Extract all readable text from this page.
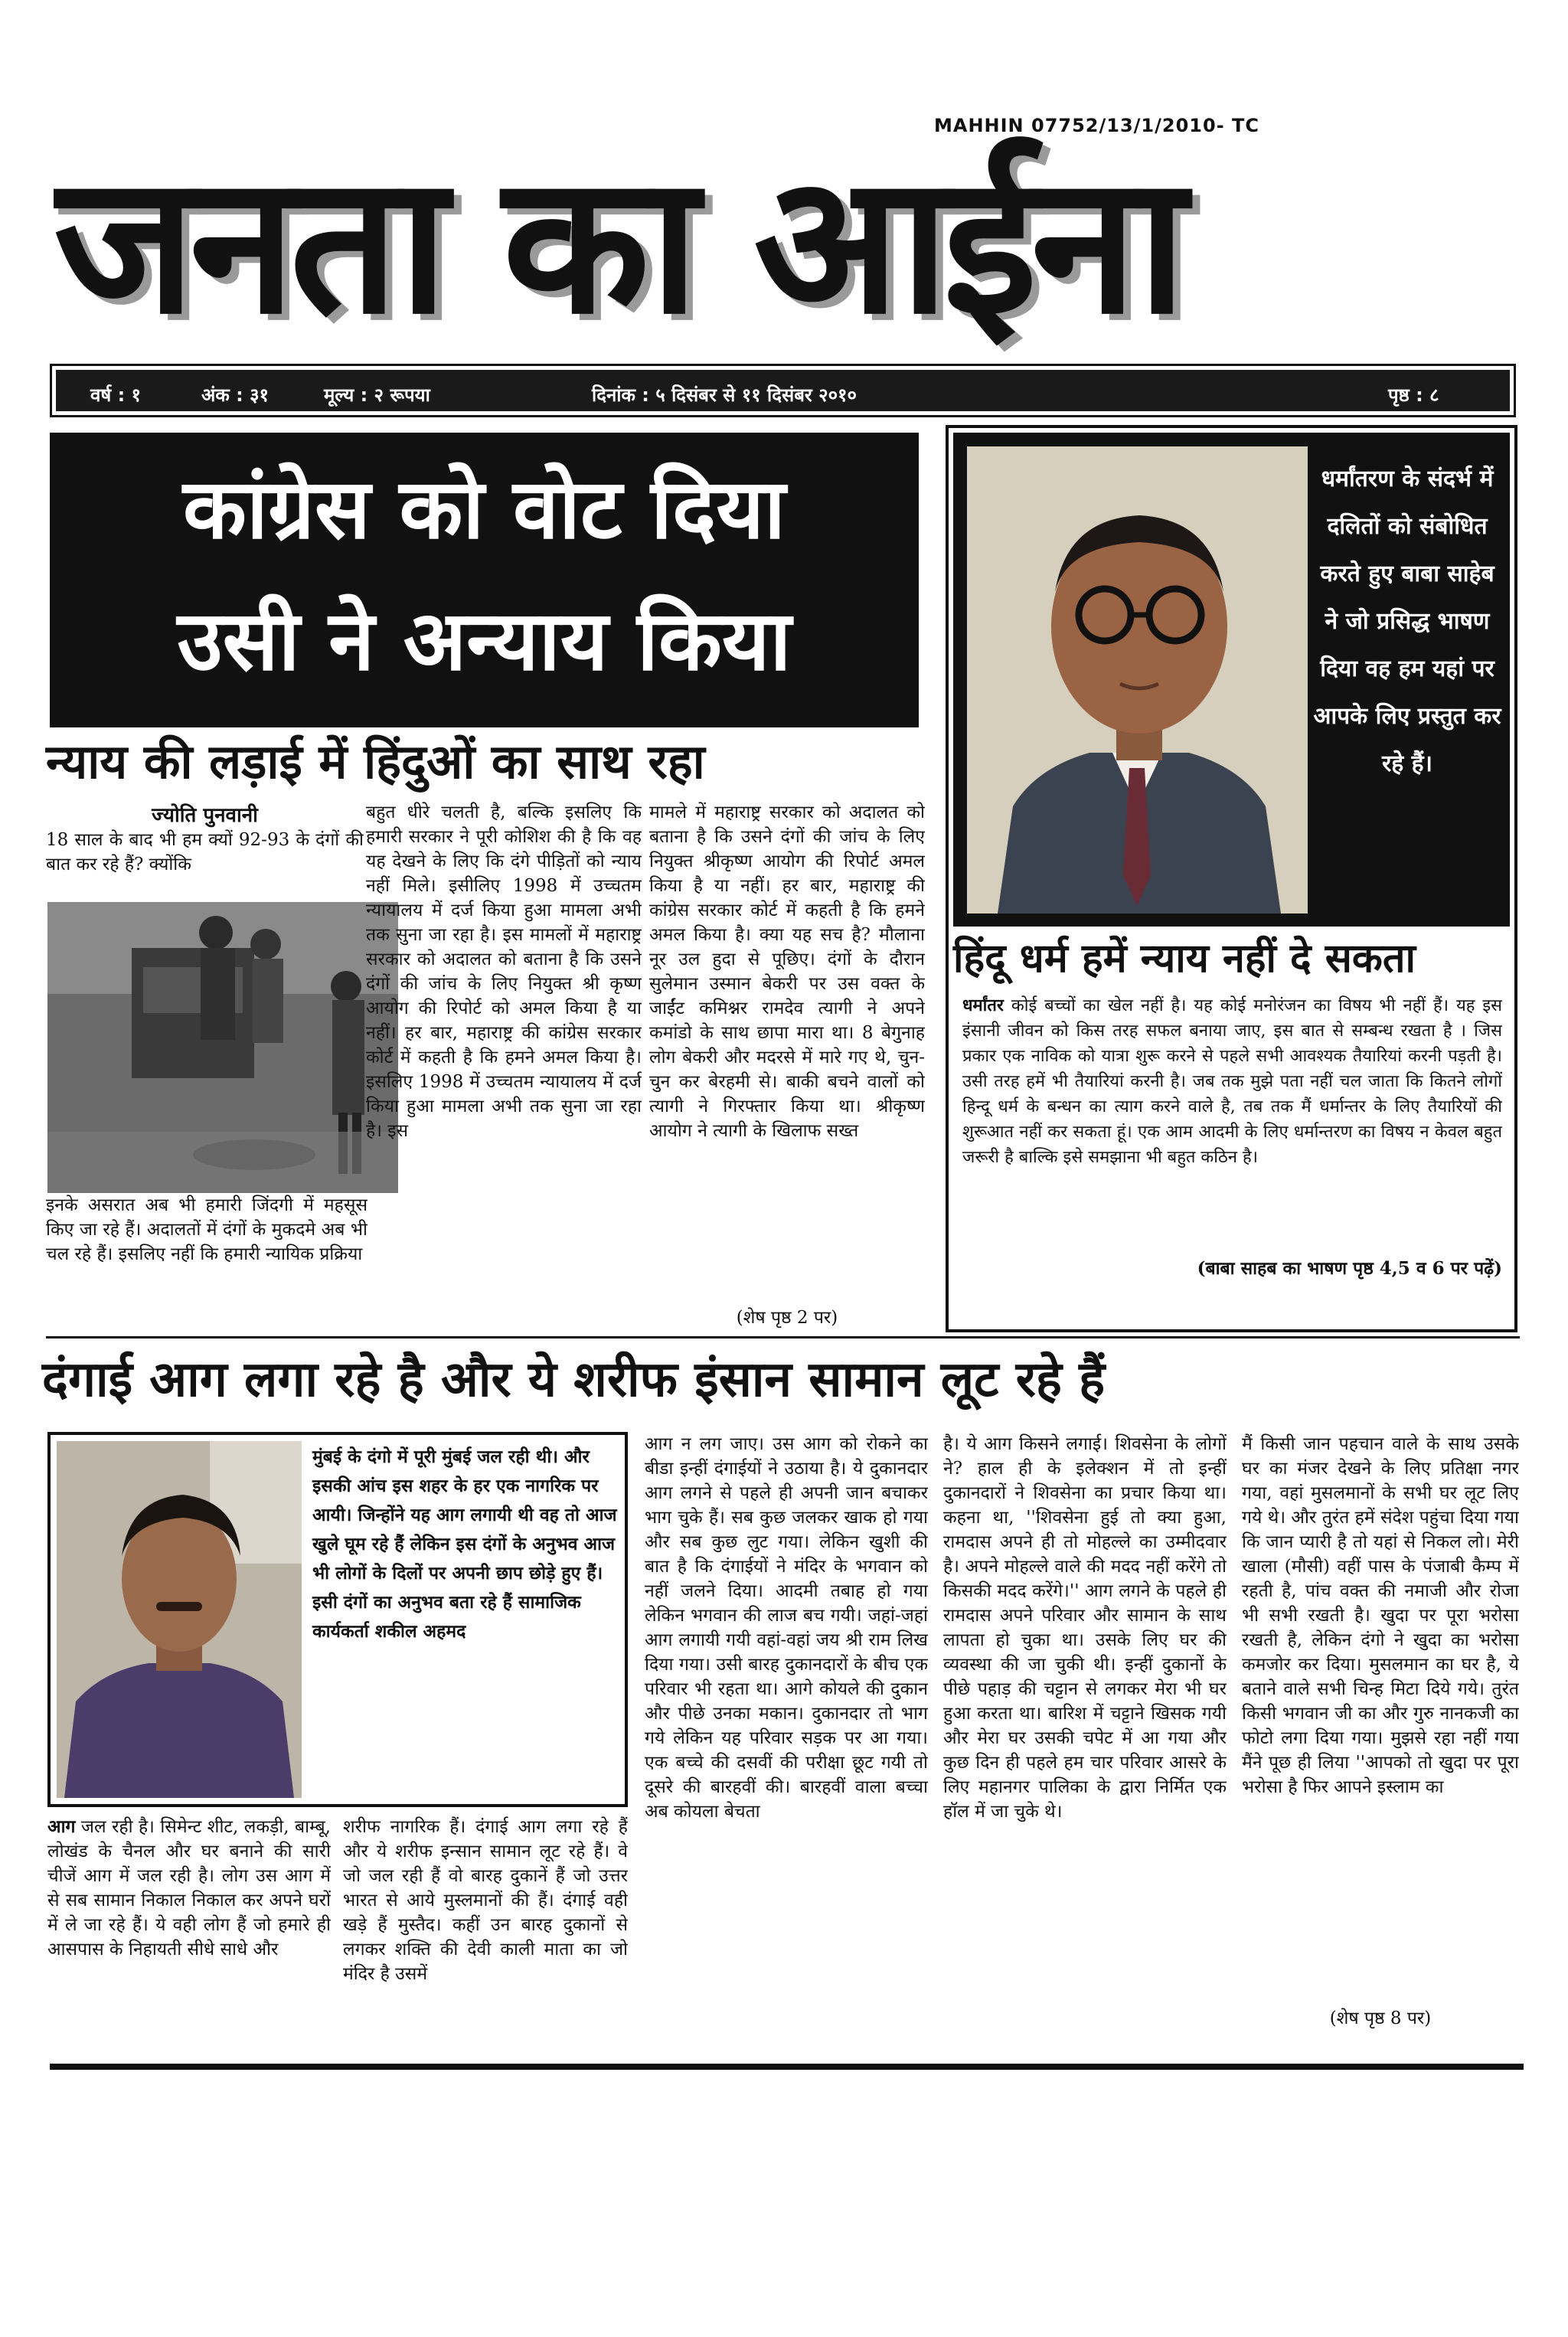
MAHHIN 07752/13/1/2010- TC
जनता का आईना
वर्ष : १	अंक : ३१	मूल्य : २ रूपया	दिनांक : ५ दिसंबर से ११ दिसंबर २०१०	पृष्ठ : ८
कांग्रेस को वोट दिया
उसी ने अन्याय किया
न्याय की लड़ाई में हिंदुओं का साथ रहा
ज्योति पुनवानी
18 साल के बाद भी हम क्यों 92-93 के दंगों की बात कर रहे हैं? क्योंकि
इनके असरात अब भी हमारी जिंदगी में महसूस किए जा रहे हैं। अदालतों में दंगों के मुकदमे अब भी चल रहे हैं। इसलिए नहीं कि हमारी न्यायिक प्रक्रिया
बहुत धीरे चलती है, बल्कि इसलिए कि हमारी सरकार ने पूरी कोशिश की है कि वह यह देखने के लिए कि दंगे पीड़ितों को न्याय नहीं मिले। इसीलिए 1998 में उच्चतम न्यायालय में दर्ज किया हुआ मामला अभी तक सुना जा रहा है। इस मामलों में महाराष्ट्र सरकार को अदालत को बताना है कि उसने दंगों की जांच के लिए नियुक्त श्री कृष्ण आयोग की रिपोर्ट को अमल किया है या नहीं। हर बार, महाराष्ट्र की कांग्रेस सरकार कोर्ट में कहती है कि हमने अमल किया है। इसलिए 1998 में उच्चतम न्यायालय में दर्ज किया हुआ मामला अभी तक सुना जा रहा है। इस
मामले में महाराष्ट्र सरकार को अदालत को बताना है कि उसने दंगों की जांच के लिए नियुक्त श्रीकृष्ण आयोग की रिपोर्ट अमल किया है या नहीं। हर बार, महाराष्ट्र की कांग्रेस सरकार कोर्ट में कहती है कि हमने अमल किया है। क्या यह सच है? मौलाना नूर उल हुदा से पूछिए। दंगों के दौरान सुलेमान उस्मान बेकरी पर उस वक्त के जाईंट कमिश्नर रामदेव त्यागी ने अपने कमांडो के साथ छापा मारा था। 8 बेगुनाह लोग बेकरी और मदरसे में मारे गए थे, चुन- चुन कर बेरहमी से। बाकी बचने वालों को त्यागी ने गिरफ्तार किया था। श्रीकृष्ण आयोग ने त्यागी के खिलाफ सख्त
(शेष पृष्ठ 2 पर)
धर्मांतरण के संदर्भ में दलितों को संबोधित करते हुए बाबा साहेब ने जो प्रसिद्ध भाषण दिया वह हम यहां पर आपके लिए प्रस्तुत कर रहे हैं।
हिंदू धर्म हमें न्याय नहीं दे सकता
धर्मांतर कोई बच्चों का खेल नहीं है। यह कोई मनोरंजन का विषय भी नहीं हैं। यह इस इंसानी जीवन को किस तरह सफल बनाया जाए, इस बात से सम्बन्ध रखता है । जिस प्रकार एक नाविक को यात्रा शुरू करने से पहले सभी आवश्यक तैयारियां करनी पड़ती है। उसी तरह हमें भी तैयारियां करनी है। जब तक मुझे पता नहीं चल जाता कि कितने लोगों हिन्दू धर्म के बन्धन का त्याग करने वाले है, तब तक मैं धर्मान्तर के लिए तैयारियों की शुरूआत नहीं कर सकता हूं। एक आम आदमी के लिए धर्मान्तरण का विषय न केवल बहुत जरूरी है बाल्कि इसे समझाना भी बहुत कठिन है।
(बाबा साहब का भाषण पृष्ठ 4,5 व 6 पर पढ़ें)
दंगाई आग लगा रहे है और ये शरीफ इंसान सामान लूट रहे हैं
मुंबई के दंगो में पूरी मुंबई जल रही थी। और इसकी आंच इस शहर के हर एक नागरिक पर आयी। जिन्होंने यह आग लगायी थी वह तो आज खुले घूम रहे हैं लेकिन इस दंगों के अनुभव आज भी लोगों के दिलों पर अपनी छाप छोड़े हुए हैं। इसी दंगों का अनुभव बता रहे हैं सामाजिक कार्यकर्ता शकील अहमद
आग जल रही है। सिमेन्ट शीट, लकड़ी, बाम्बू, लोखंड के चैनल और घर बनाने की सारी चीजें आग में जल रही है। लोग उस आग में से सब सामान निकाल निकाल कर अपने घरों में ले जा रहे हैं। ये वही लोग हैं जो हमारे ही आसपास के निहायती सीधे साधे और
शरीफ नागरिक हैं। दंगाई आग लगा रहे हैं और ये शरीफ इन्सान सामान लूट रहे हैं। वे जो जल रही हैं वो बारह दुकानें हैं जो उत्तर भारत से आये मुस्लमानों की हैं। दंगाई वही खड़े हैं मुस्तैद। कहीं उन बारह दुकानों से लगकर शक्ति की देवी काली माता का जो मंदिर है उसमें
आग न लग जाए। उस आग को रोकने का बीडा इन्हीं दंगाईयों ने उठाया है। ये दुकानदार आग लगने से पहले ही अपनी जान बचाकर भाग चुके हैं। सब कुछ जलकर खाक हो गया और सब कुछ लुट गया। लेकिन खुशी की बात है कि दंगाईयों ने मंदिर के भगवान को नहीं जलने दिया। आदमी तबाह हो गया लेकिन भगवान की लाज बच गयी। जहां-जहां आग लगायी गयी वहां-वहां जय श्री राम लिख दिया गया। उसी बारह दुकानदारों के बीच एक परिवार भी रहता था। आगे कोयले की दुकान और पीछे उनका मकान। दुकानदार तो भाग गये लेकिन यह परिवार सड़क पर आ गया। एक बच्चे की दसवीं की परीक्षा छूट गयी तो दूसरे की बारहवीं की। बारहवीं वाला बच्चा अब कोयला बेचता
है। ये आग किसने लगाई। शिवसेना के लोगों ने? हाल ही के इलेक्शन में तो इन्हीं दुकानदारों ने शिवसेना का प्रचार किया था। कहना था, ''शिवसेना हुई तो क्या हुआ, रामदास अपने ही तो मोहल्ले का उम्मीदवार है। अपने मोहल्ले वाले की मदद नहीं करेंगे तो किसकी मदद करेंगे।'' आग लगने के पहले ही रामदास अपने परिवार और सामान के साथ लापता हो चुका था। उसके लिए घर की व्यवस्था की जा चुकी थी। इन्हीं दुकानों के पीछे पहाड़ की चट्टान से लगकर मेरा भी घर हुआ करता था। बारिश में चट्टाने खिसक गयी और मेरा घर उसकी चपेट में आ गया और कुछ दिन ही पहले हम चार परिवार आसरे के लिए महानगर पालिका के द्वारा निर्मित एक हॉल में जा चुके थे।
मैं किसी जान पहचान वाले के साथ उसके घर का मंजर देखने के लिए प्रतिक्षा नगर गया, वहां मुसलमानों के सभी घर लूट लिए गये थे। और तुरंत हमें संदेश पहुंचा दिया गया कि जान प्यारी है तो यहां से निकल लो। मेरी खाला (मौसी) वहीं पास के पंजाबी कैम्प में रहती है, पांच वक्त की नमाजी और रोजा भी सभी रखती है। खुदा पर पूरा भरोसा रखती है, लेकिन दंगो ने खुदा का भरोसा कमजोर कर दिया। मुसलमान का घर है, ये बताने वाले सभी चिन्ह मिटा दिये गये। तुरंत किसी भगवान जी का और गुरु नानकजी का फोटो लगा दिया गया। मुझसे रहा नहीं गया मैंने पूछ ही लिया ''आपको तो खुदा पर पूरा भरोसा है फिर आपने इस्लाम का
(शेष पृष्ठ 8 पर)
